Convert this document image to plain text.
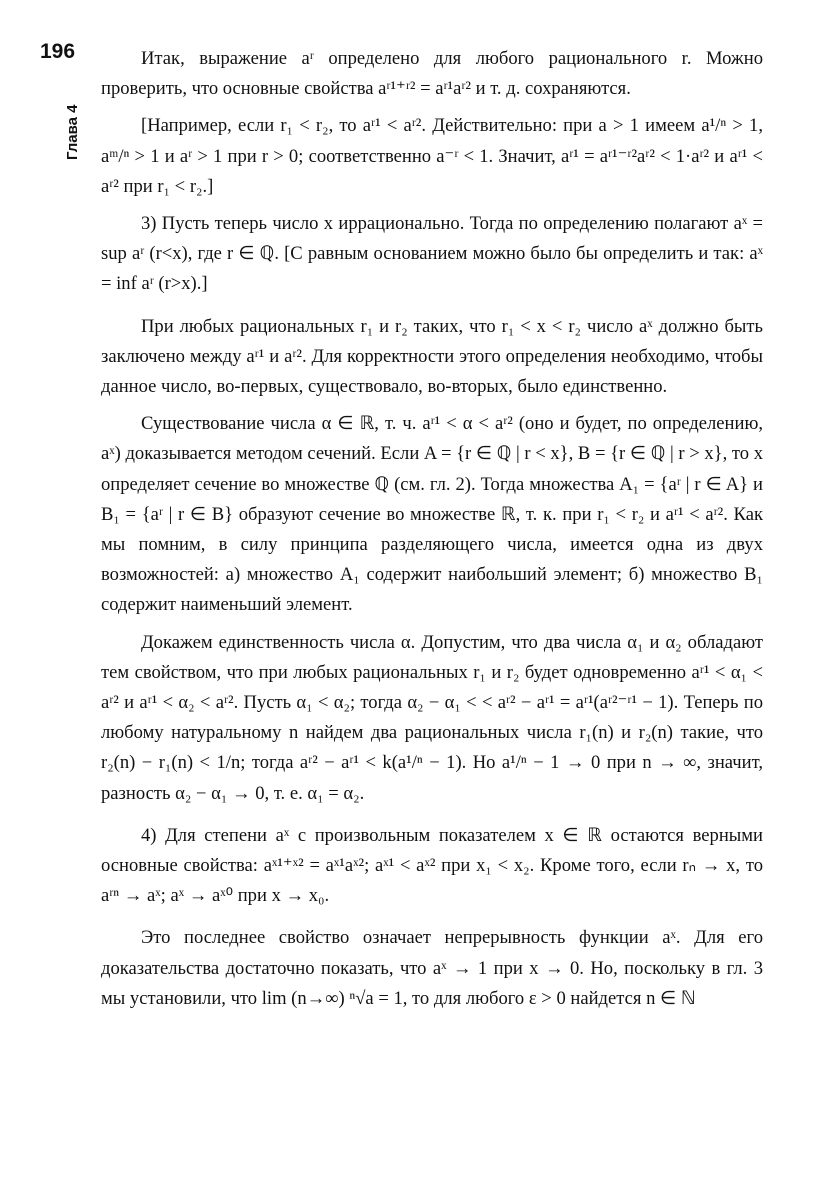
196
Глава 4

Итак, выражение aʳ определено для любого рационального r. Можно проверить, что основные свойства aʳ¹⁺ʳ² = aʳ¹aʳ² и т. д. сохраняются.

[Например, если r₁ < r₂, то aʳ¹ < aʳ². Действительно: при a > 1 имеем a¹/ⁿ > 1, aᵐ/ⁿ > 1 и aʳ > 1 при r > 0; соответственно a⁻ʳ < 1. Значит, aʳ¹ = aʳ¹⁻ʳ²aʳ² < 1·aʳ² и aʳ¹ < aʳ² при r₁ < r₂.]

3) Пусть теперь число x иррационально. Тогда по определению полагают aˣ = sup aʳ (r<x), где r ∈ ℚ. [С равным основанием можно было бы определить и так: aˣ = inf aʳ (r>x).]

При любых рациональных r₁ и r₂ таких, что r₁ < x < r₂ число aˣ должно быть заключено между aʳ¹ и aʳ². Для корректности этого определения необходимо, чтобы данное число, во-первых, существовало, во-вторых, было единственно.

Существование числа α ∈ ℝ, т. ч. aʳ¹ < α < aʳ² (оно и будет, по определению, aˣ) доказывается методом сечений. Если A = {r ∈ ℚ | r < x}, B = {r ∈ ℚ | r > x}, то x определяет сечение во множестве ℚ (см. гл. 2). Тогда множества A₁ = {aʳ | r ∈ A} и B₁ = {aʳ | r ∈ B} образуют сечение во множестве ℝ, т. к. при r₁ < r₂ и aʳ¹ < aʳ². Как мы помним, в силу принципа разделяющего числа, имеется одна из двух возможностей: а) множество A₁ содержит наибольший элемент; б) множество B₁ содержит наименьший элемент.

Докажем единственность числа α. Допустим, что два числа α₁ и α₂ обладают тем свойством, что при любых рациональных r₁ и r₂ будет одновременно aʳ¹ < α₁ < aʳ² и aʳ¹ < α₂ < aʳ². Пусть α₁ < α₂; тогда α₂ − α₁ < < aʳ² − aʳ¹ = aʳ¹(aʳ²⁻ʳ¹ − 1). Теперь по любому натуральному n найдем два рациональных числа r₁(n) и r₂(n) такие, что r₂(n) − r₁(n) < 1/n; тогда aʳ² − aʳ¹ < k(a¹/ⁿ − 1). Но a¹/ⁿ − 1 → 0 при n → ∞, значит, разность α₂ − α₁ → 0, т. е. α₁ = α₂.

4) Для степени aˣ с произвольным показателем x ∈ ℝ остаются верными основные свойства: aˣ¹⁺ˣ² = aˣ¹aˣ²; aˣ¹ < aˣ² при x₁ < x₂. Кроме того, если rₙ → x, то aʳⁿ → aˣ; aˣ → aˣ⁰ при x → x₀.

Это последнее свойство означает непрерывность функции aˣ. Для его доказательства достаточно показать, что aˣ → 1 при x → 0. Но, поскольку в гл. 3 мы установили, что lim (n→∞) ⁿ√a = 1, то для любого ε > 0 найдется n ∈ ℕ
